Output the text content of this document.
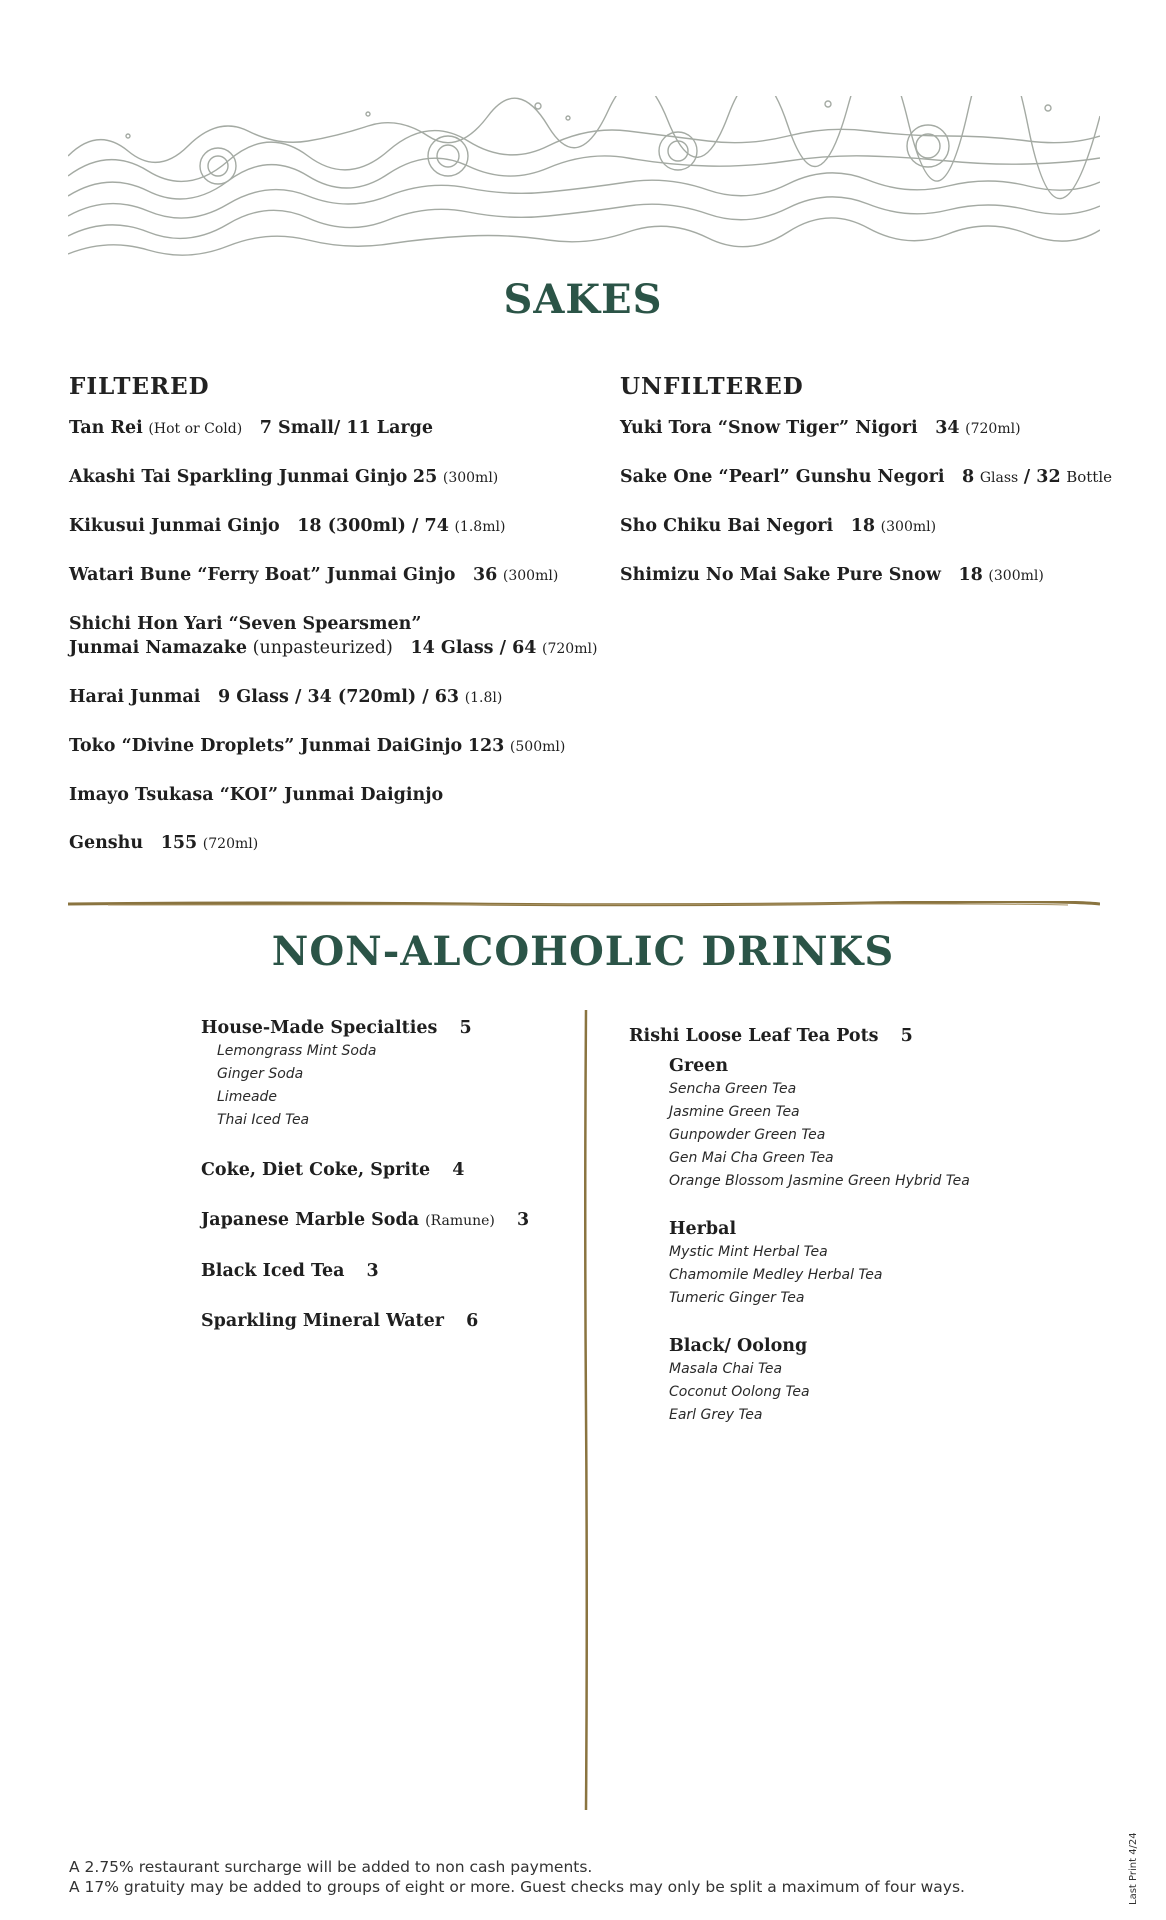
SAKES
FILTERED	UNFILTERED
Tan Rei (Hot or Cold) 7 Small/ 11 Large
Akashi Tai Sparkling Junmai Ginjo 25 (300ml)
Kikusui Junmai Ginjo 18 (300ml) / 74 (1.8ml)
Watari Bune “Ferry Boat” Junmai Ginjo 36 (300ml)
Shichi Hon Yari “Seven Spearsmen”
Junmai Namazake (unpasteurized) 14 Glass / 64 (720ml)
Harai Junmai 9 Glass / 34 (720ml) / 63 (1.8l)
Toko “Divine Droplets” Junmai DaiGinjo 123 (500ml)
Imayo Tsukasa “KOI” Junmai Daiginjo
Genshu 155 (720ml)
Yuki Tora “Snow Tiger” Nigori 34 (720ml)
Sake One “Pearl” Gunshu Negori 8 Glass / 32 Bottle
Sho Chiku Bai Negori 18 (300ml)
Shimizu No Mai Sake Pure Snow 18 (300ml)
NON-ALCOHOLIC DRINKS
House-Made Specialties 5
Lemongrass Mint Soda
Ginger Soda
Limeade
Thai Iced Tea
Coke, Diet Coke, Sprite 4
Japanese Marble Soda (Ramune) 3
Black Iced Tea 3
Sparkling Mineral Water 6
Rishi Loose Leaf Tea Pots 5
Green
Sencha Green Tea
Jasmine Green Tea
Gunpowder Green Tea
Gen Mai Cha Green Tea
Orange Blossom Jasmine Green Hybrid Tea
Herbal
Mystic Mint Herbal Tea
Chamomile Medley Herbal Tea
Tumeric Ginger Tea
Black/ Oolong
Masala Chai Tea
Coconut Oolong Tea
Earl Grey Tea
A 2.75% restaurant surcharge will be added to non cash payments.
A 17% gratuity may be added to groups of eight or more. Guest checks may only be split a maximum of four ways.	Last Print 4/24
